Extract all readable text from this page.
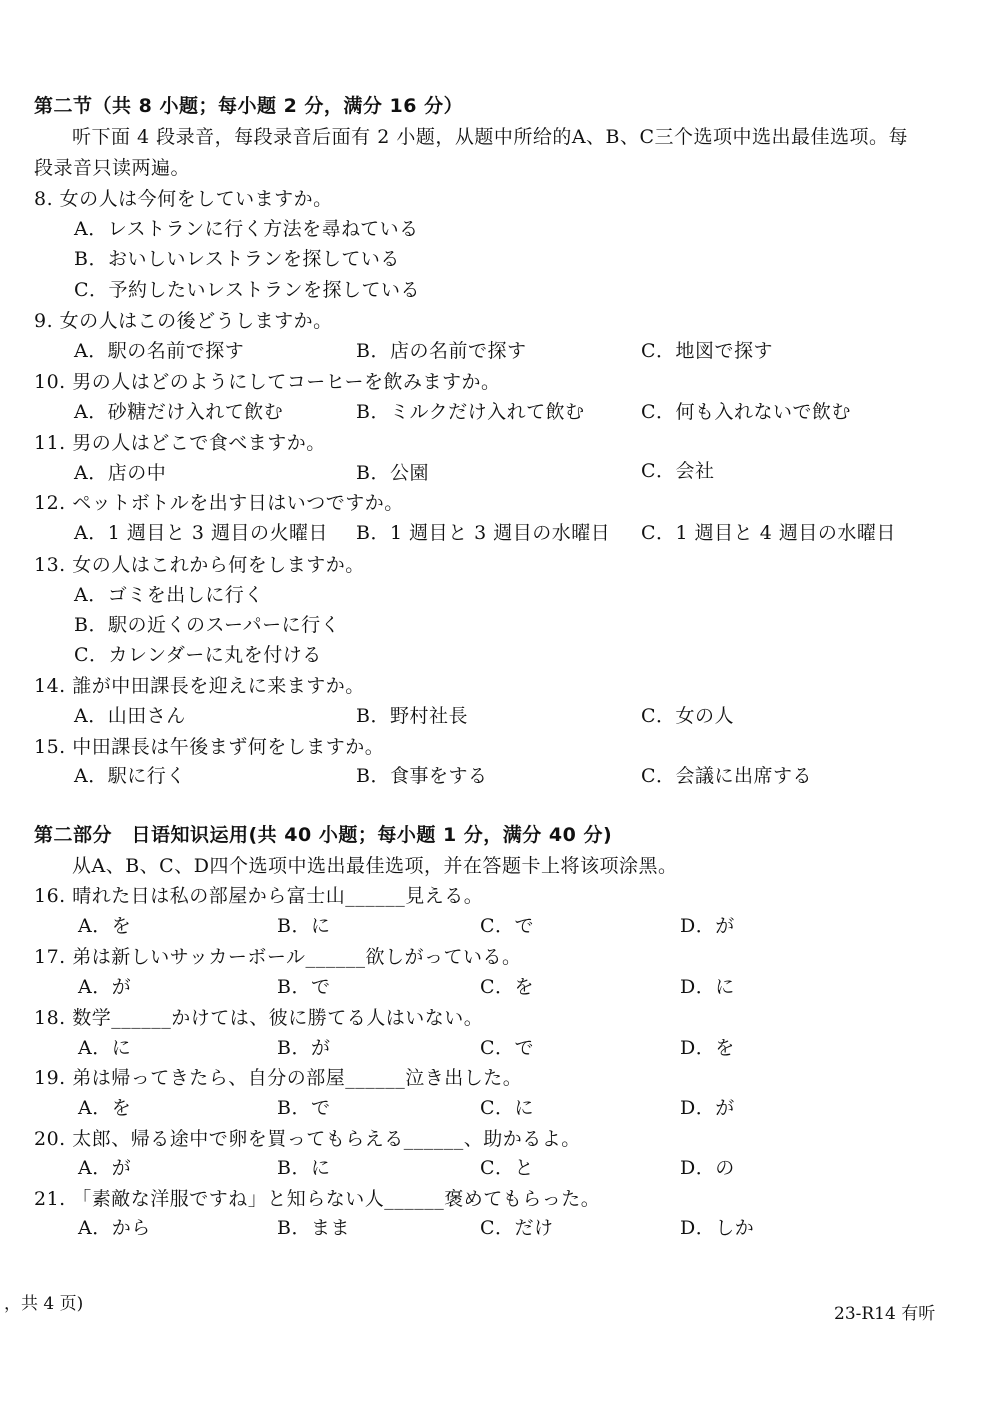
第二节（共 8 小题；每小题 2 分，满分 16 分）
听下面 4 段录音，每段录音后面有 2 小题，从题中所给的A、B、C三个选项中选出最佳选项。每
段录音只读两遍。
8. 女の人は今何をしていますか。
A．レストランに行く方法を尋ねている
B．おいしいレストランを探している
C．予約したいレストランを探している
9. 女の人はこの後どうしますか。
A．駅の名前で探す	B．店の名前で探す	C．地図で探す
10. 男の人はどのようにしてコーヒーを飲みますか。
A．砂糖だけ入れて飲む	B．ミルクだけ入れて飲む	C．何も入れないで飲む
11. 男の人はどこで食べますか。
A．店の中	B．公園	C．会社
12. ペットボトルを出す日はいつですか。
A．1 週目と 3 週目の火曜日 B．1 週目と 3 週目の水曜日 C．1 週目と 4 週目の水曜日
13. 女の人はこれから何をしますか。
A．ゴミを出しに行く
B．駅の近くのスーパーに行く
C．カレンダーに丸を付ける
14. 誰が中田課長を迎えに来ますか。
A．山田さん	B．野村社長	C．女の人
15. 中田課長は午後まず何をしますか。
A．駅に行く	B．食事をする	C．会議に出席する
第二部分　日语知识运用(共 40 小题；每小题 1 分，满分 40 分)
从A、B、C、D四个选项中选出最佳选项，并在答题卡上将该项涂黑。
16. 晴れた日は私の部屋から富士山______見える。
A．を	B．に	C．で	D．が
17. 弟は新しいサッカーボール______欲しがっている。
A．が	B．で	C．を	D．に
18. 数学______かけては、彼に勝てる人はいない。
A．に	B．が	C．で	D．を
19. 弟は帰ってきたら、自分の部屋______泣き出した。
A．を	B．で	C．に	D．が
20. 太郎、帰る途中で卵を買ってもらえる______、助かるよ。
A．が	B．に	C．と	D．の
21. 「素敵な洋服ですね」と知らない人______褒めてもらった。
A．から	B．まま	C．だけ	D．しか
，共 4 页)	23-R14 有听
